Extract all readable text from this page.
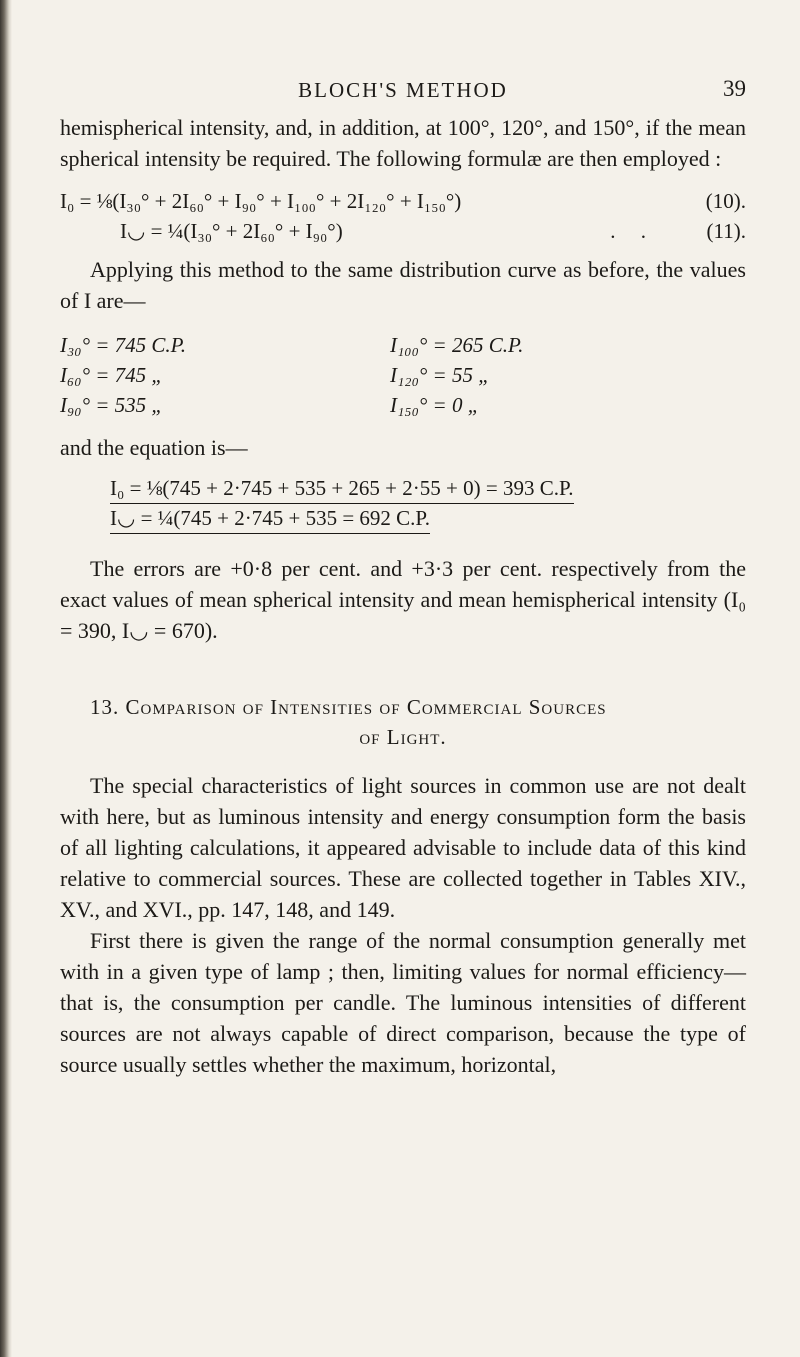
BLOCH'S METHOD	39

hemispherical intensity, and, in addition, at 100°, 120°, and 150°, if the mean spherical intensity be required. The following formulæ are then employed :

I₀ = ⅛(I₃₀° + 2I₆₀° + I₉₀° + I₁₀₀° + 2I₁₂₀° + I₁₅₀°)	(10).
I◡ = ¼(I₃₀° + 2I₆₀° + I₉₀°)	. . (11).

Applying this method to the same distribution curve as before, the values of I are—

I₃₀° = 745 C.P.	I₁₀₀° = 265 C.P.
I₆₀° = 745 „	I₁₂₀° = 55 „
I₉₀° = 535 „	I₁₅₀° = 0 „

and the equation is—

I₀ = ⅛(745 + 2·745 + 535 + 265 + 2·55 + 0) = 393 C.P.
I◡ = ¼(745 + 2·745 + 535 = 692 C.P.

The errors are +0·8 per cent. and +3·3 per cent. respectively from the exact values of mean spherical intensity and mean hemispherical intensity (I₀ = 390, I◡ = 670).

13. Comparison of Intensities of Commercial Sources
of Light.

The special characteristics of light sources in common use are not dealt with here, but as luminous intensity and energy consumption form the basis of all lighting calculations, it appeared advisable to include data of this kind relative to commercial sources. These are collected together in Tables XIV., XV., and XVI., pp. 147, 148, and 149.

First there is given the range of the normal consumption generally met with in a given type of lamp ; then, limiting values for normal efficiency—that is, the consumption per candle. The luminous intensities of different sources are not always capable of direct comparison, because the type of source usually settles whether the maximum, horizontal,
